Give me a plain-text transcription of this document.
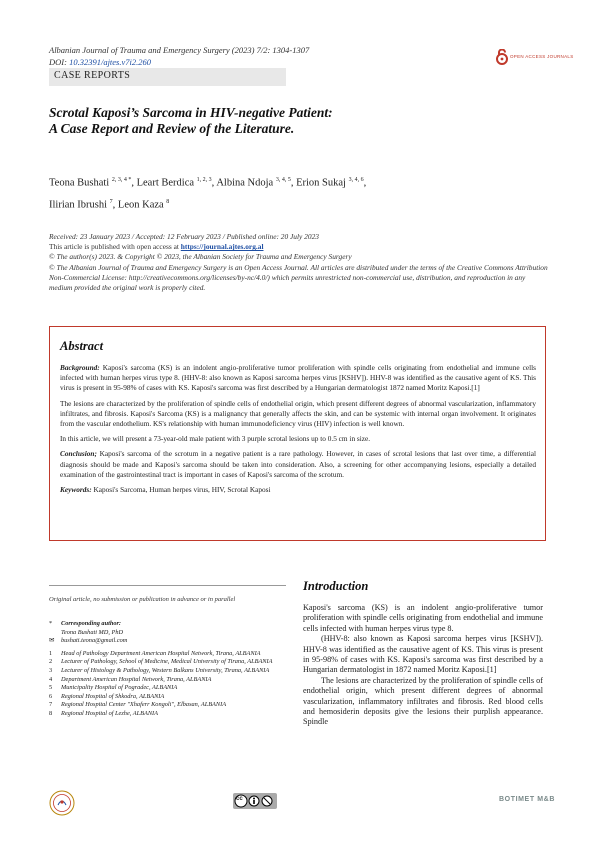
Albanian Journal of Trauma and Emergency Surgery (2023) 7/2: 1304-1307
DOI: 10.32391/ajtes.v7i2.260
OPEN ACCESS JOURNALS
CASE REPORTS
Scrotal Kaposi’s Sarcoma in HIV-negative Patient:
A Case Report and Review of the Literature.
Teona Bushati $^{2, 3, 4 *}$, Leart Berdica $^{1, 2, 3}$, Albina Ndoja $^{3, 4, 5}$, Erion Sukaj $^{3, 4, 6}$,
Ilirian Ibrushi $^7$, Leon Kaza $^8$
Received: 23 January 2023 / Accepted: 12 February 2023 / Published online: 20 July 2023
This article is published with open access at https://journal.ajtes.org.al
© The author(s) 2023. & Copyright © 2023, the Albanian Society for Trauma and Emergency Surgery
© The Albanian Journal of Trauma and Emergency Surgery is an Open Access Journal. All articles are distributed under the terms of the Creative Commons Attribution Non-Commercial License: http://creativecommons.org/licenses/by-nc/4.0/) which permits unrestricted non-commercial use, distribution, and reproduction in any medium provided the original work is properly cited.
Abstract

Background: Kaposi's sarcoma (KS) is an indolent angio-proliferative tumor proliferation with spindle cells originating from endothelial and immune cells infected with human herpes virus type 8. (HHV-8: also known as Kaposi sarcoma herpes virus [KSHV]). HHV-8 was identified as the causative agent of KS. This virus is present in 95-98% of cases with KS. Kaposi's sarcoma was first described by a Hungarian dermatologist 1872 named Moritz Kaposi.[1]

The lesions are characterized by the proliferation of spindle cells of endothelial origin, which present different degrees of abnormal vascularization, inflammatory infiltrates, and fibrosis. Kaposi's Sarcoma (KS) is a malignancy that generally affects the skin, and can be systemic with internal organ involvement. It originates from the vascular endothelium. KS's relationship with human immunodeficiency virus (HIV) infection is well known.

In this article, we will present a 73-year-old male patient with 3 purple scrotal lesions up to 0.5 cm in size.

Conclusion; Kaposi's sarcoma of the scrotum in a negative patient is a rare pathology. However, in cases of scrotal lesions that last over time, a differential diagnosis should be made and Kaposi's sarcoma should be taken into consideration. Also, a screening for other accompanying lesions, especially a detailed examination of the gastrointestinal tract is important in cases of Kaposi's sarcoma of the scrotum.

Keywords: Kaposi's Sarcoma, Human herpes virus, HIV, Scrotal Kaposi

Original article, no submission or publication in advance or in parallel
*	Corresponding author:
Teona Bushati MD, PhD
✉	bushati.teona@gmail.com
1	Head of Pathology Department American Hospital Network, Tirana, ALBANIA
2	Lecturer of Pathology, School of Medicine, Medical University of Tirana, ALBANIA
3	Lecturer of Histology & Pathology, Western Balkans University, Tirana, ALBANIA
4	Department American Hospital Network, Tirana, ALBANIA
5	Municipality Hospital of Pogradec, ALBANIA
6	Regional Hospital of Shkodra, ALBANIA
7	Regional Hospital Center "Xhaferr Kongoli", Elbasan, ALBANIA
8	Regional Hospital of Lezhe, ALBANIA
Introduction

Kaposi's sarcoma (KS) is an indolent angio-proliferative tumor proliferation with spindle cells originating from endothelial and immune cells infected with human herpes virus type 8.

(HHV-8: also known as Kaposi sarcoma herpes virus [KSHV]). HHV-8 was identified as the causative agent of KS. This virus is present in 95-98% of cases with KS. Kaposi's sarcoma was first described by a Hungarian dermatologist in 1872 named Moritz Kaposi.[1]

The lesions are characterized by the proliferation of spindle cells of endothelial origin, which present different degrees of abnormal vascularization, inflammatory infiltrates and fibrosis. Red blood cells and hemosiderin deposits give the lesions their purplish appearance. Spindle

cc	BOTIMET M&B
